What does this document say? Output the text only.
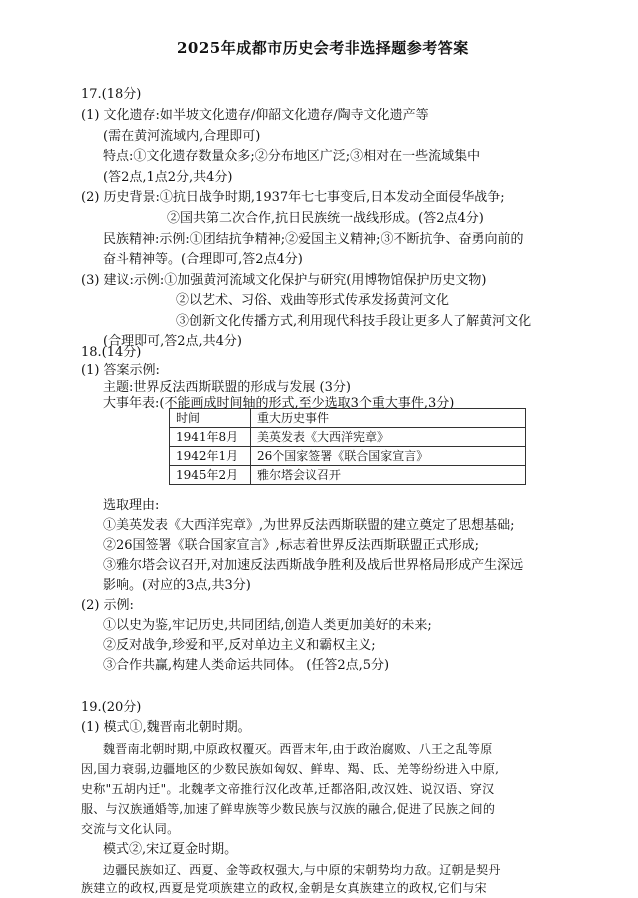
2025年成都市历史会考非选择题参考答案
17.(18分)
(1) 文化遗存:如半坡文化遗存/仰韶文化遗存/陶寺文化遗产等
(需在黄河流域内,合理即可)
特点:①文化遗存数量众多;②分布地区广泛;③相对在一些流域集中
(答2点,1点2分,共4分)
(2) 历史背景:①抗日战争时期,1937年七七事变后,日本发动全面侵华战争;
②国共第二次合作,抗日民族统一战线形成。(答2点4分)
民族精神:示例:①团结抗争精神;②爱国主义精神;③不断抗争、奋勇向前的
奋斗精神等。(合理即可,答2点4分)
(3) 建议:示例:①加强黄河流域文化保护与研究(用博物馆保护历史文物)
②以艺术、习俗、戏曲等形式传承发扬黄河文化
③创新文化传播方式,利用现代科技手段让更多人了解黄河文化
(合理即可,答2点,共4分)
18.(14分)
(1) 答案示例:
主题:世界反法西斯联盟的形成与发展 (3分)
大事年表:(不能画成时间轴的形式,至少选取3个重大事件,3分)
时间	重大历史事件
1941年8月	美英发表《大西洋宪章》
1942年1月	26个国家签署《联合国家宣言》
1945年2月	雅尔塔会议召开
选取理由:
①美英发表《大西洋宪章》,为世界反法西斯联盟的建立奠定了思想基础;
②26国签署《联合国家宣言》,标志着世界反法西斯联盟正式形成;
③雅尔塔会议召开,对加速反法西斯战争胜利及战后世界格局形成产生深远
影响。(对应的3点,共3分)
(2) 示例:
①以史为鉴,牢记历史,共同团结,创造人类更加美好的未来;
②反对战争,珍爱和平,反对单边主义和霸权主义;
③合作共赢,构建人类命运共同体。 (任答2点,5分)
19.(20分)
(1) 模式①,魏晋南北朝时期。
魏晋南北朝时期,中原政权覆灭。西晋末年,由于政治腐败、八王之乱等原
因,国力衰弱,边疆地区的少数民族如匈奴、鲜卑、羯、氐、羌等纷纷进入中原,
史称"五胡内迁"。北魏孝文帝推行汉化改革,迁都洛阳,改汉姓、说汉语、穿汉
服、与汉族通婚等,加速了鲜卑族等少数民族与汉族的融合,促进了民族之间的
交流与文化认同。
模式②,宋辽夏金时期。
边疆民族如辽、西夏、金等政权强大,与中原的宋朝势均力敌。辽朝是契丹
族建立的政权,西夏是党项族建立的政权,金朝是女真族建立的政权,它们与宋
